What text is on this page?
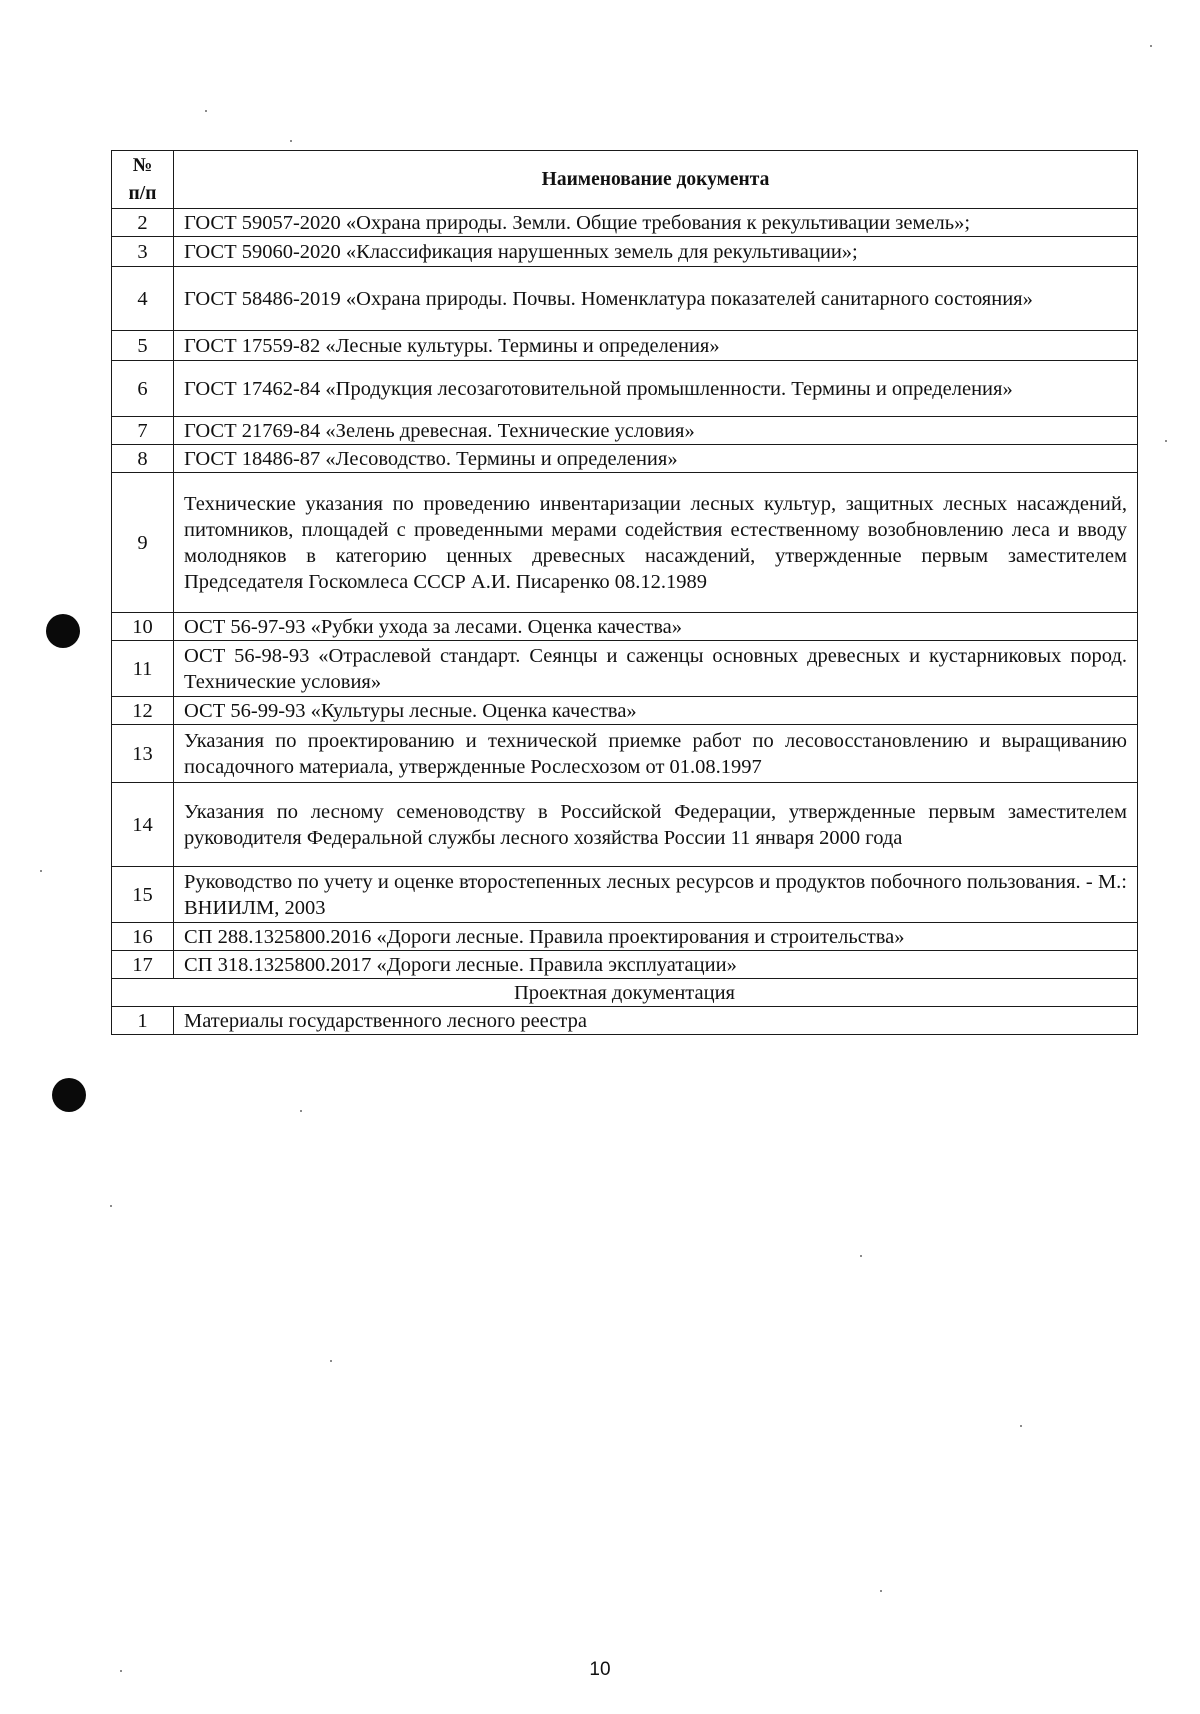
№
п/п	Наименование документа
2	ГОСТ 59057-2020 «Охрана природы. Земли. Общие требования к рекультивации земель»;
3	ГОСТ 59060-2020 «Классификация нарушенных земель для рекультивации»;
4	ГОСТ 58486-2019 «Охрана природы. Почвы. Номенклатура показателей санитарного состояния»
5	ГОСТ 17559-82 «Лесные культуры. Термины и определения»
6	ГОСТ 17462-84 «Продукция лесозаготовительной промышленности. Термины и определения»
7	ГОСТ 21769-84 «Зелень древесная. Технические условия»
8	ГОСТ 18486-87 «Лесоводство. Термины и определения»
9	Технические указания по проведению инвентаризации лесных культур, защитных лесных насаждений, питомников, площадей с проведенными мерами содействия естественному возобновлению леса и вводу молодняков в категорию ценных древесных насаждений, утвержденные первым заместителем Председателя Госкомлеса СССР А.И. Писаренко 08.12.1989
10	ОСТ 56-97-93 «Рубки ухода за лесами. Оценка качества»
11	ОСТ 56-98-93 «Отраслевой стандарт. Сеянцы и саженцы основных древесных и кустарниковых пород. Технические условия»
12	ОСТ 56-99-93 «Культуры лесные. Оценка качества»
13	Указания по проектированию и технической приемке работ по лесовосстановлению и выращиванию посадочного материала, утвержденные Рослесхозом от 01.08.1997
14	Указания по лесному семеноводству в Российской Федерации, утвержденные первым заместителем руководителя Федеральной службы лесного хозяйства России 11 января 2000 года
15	Руководство по учету и оценке второстепенных лесных ресурсов и продуктов побочного пользования. - М.: ВНИИЛМ, 2003
16	СП 288.1325800.2016 «Дороги лесные. Правила проектирования и строительства»
17	СП 318.1325800.2017 «Дороги лесные. Правила эксплуатации»
Проектная документация	
1	Материалы государственного лесного реестра
10
